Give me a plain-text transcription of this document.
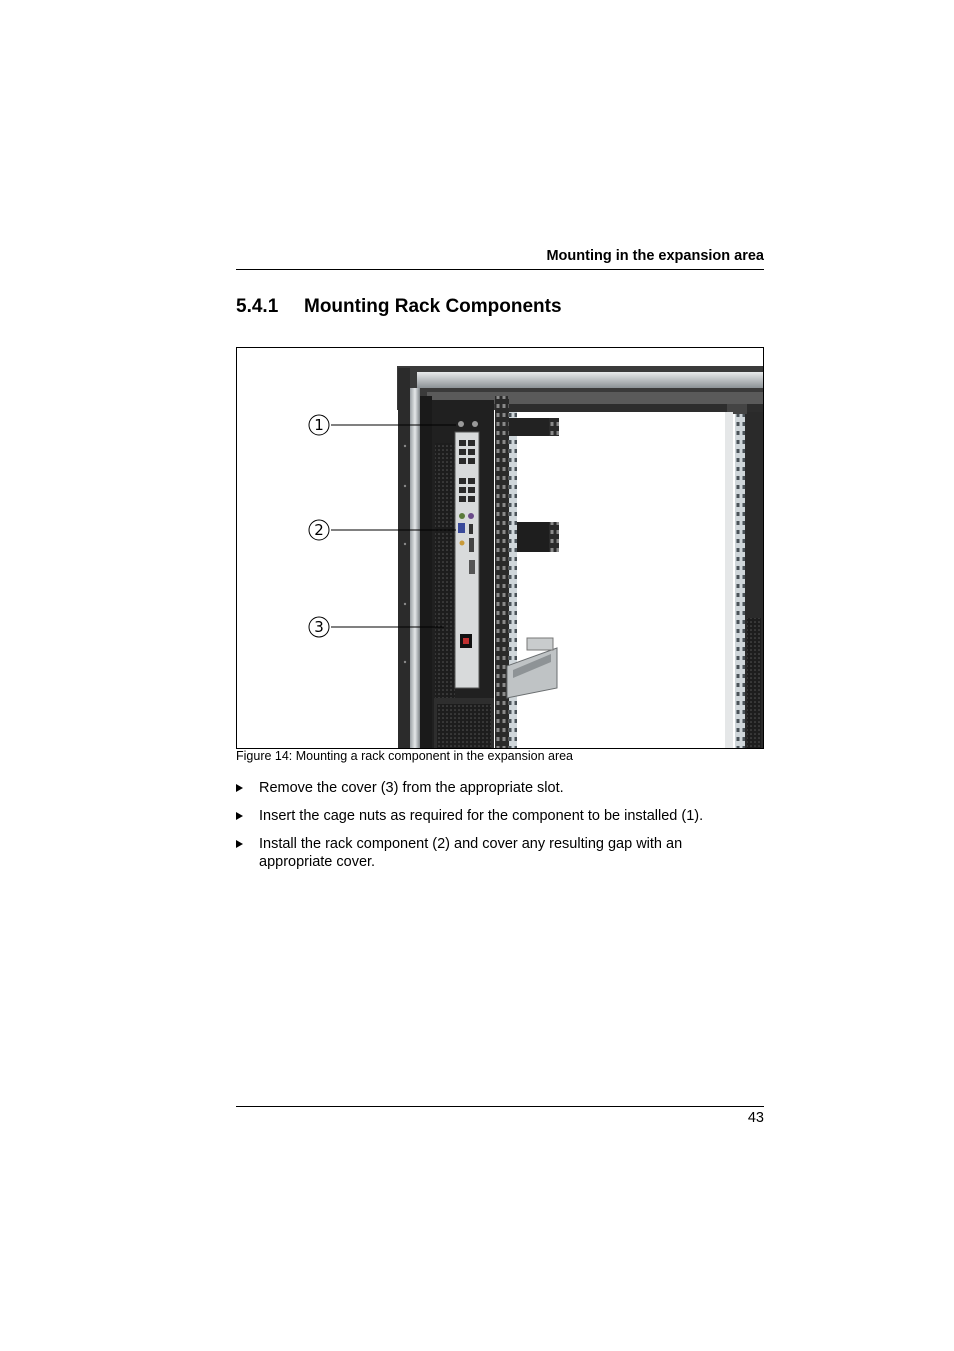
Mounting in the expansion area
5.4.1 Mounting Rack Components
1
2
3
Figure 14: Mounting a rack component in the expansion area
Remove the cover (3) from the appropriate slot.
Insert the cage nuts as required for the component to be installed (1).
Install the rack component (2) and cover any resulting gap with an appropriate cover.
43
